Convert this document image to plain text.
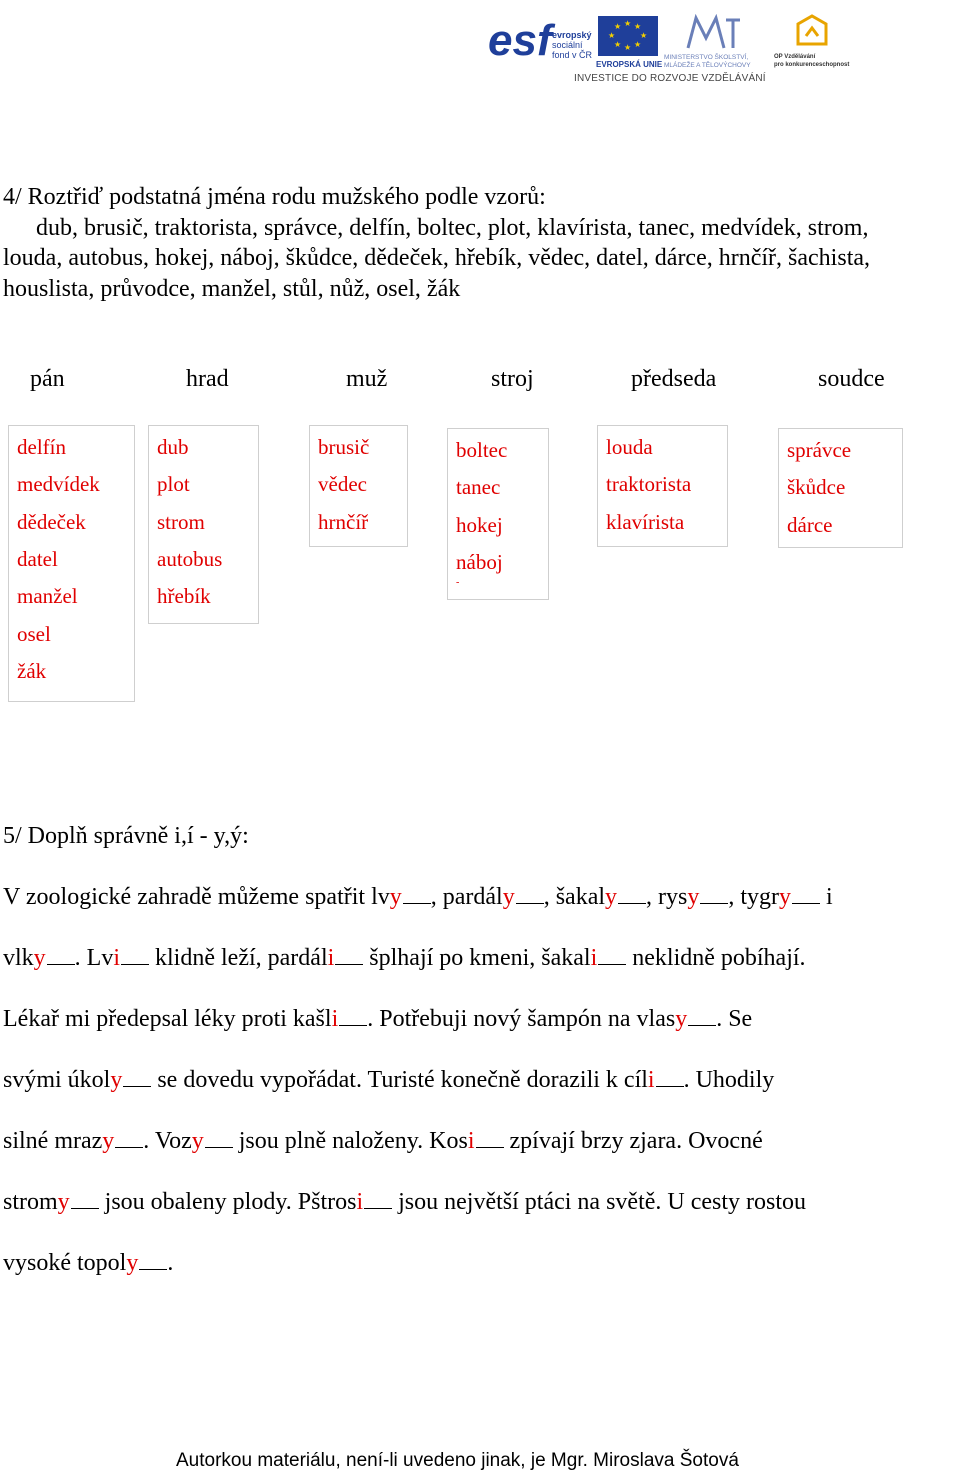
esf evropský
sociální
fond v ČR
★ ★
★
★
★
★
★
★
EVROPSKÁ UNIE
MINISTERSTVO ŠKOLSTVÍ,
MLÁDEŽE A TĚLOVÝCHOVY
OP Vzdělávání
pro konkurenceschopnost
INVESTICE DO ROZVOJE VZDĚLÁVÁNÍ
4/ Roztřiď podstatná jména rodu mužského podle vzorů:
dub, brusič, traktorista, správce, delfín, boltec, plot, klavírista, tanec, medvídek, strom,
louda, autobus, hokej, náboj, škůdce, dědeček, hřebík, vědec, datel, dárce, hrnčíř, šachista,
houslista, průvodce, manžel, stůl, nůž, osel, žák
pán	hrad	muž	stroj	předseda	soudce
delfín
medvídek
dědeček
datel
manžel
osel
žák
dub
plot
strom
autobus
hřebík
brusič
vědec
hrnčíř
boltec
tanec
hokej
náboj
-
louda
traktorista
klavírista
správce
škůdce
dárce
5/ Doplň správně i,í - y,ý:
V zoologické zahradě můžeme spatřit lvy , pardály , šakaly , rysy , tygry i
vlky . Lvi klidně leží, pardáli šplhají po kmeni, šakali neklidně pobíhají.
Lékař mi předepsal léky proti kašli . Potřebuji nový šampón na vlasy . Se
svými úkoly se dovedu vypořádat. Turisté konečně dorazili k cíli . Uhodily
silné mrazy . Vozy jsou plně naloženy. Kosi zpívají brzy zjara. Ovocné
stromy jsou obaleny plody. Pštrosi jsou největší ptáci na světě. U cesty rostou
vysoké topoly .
Autorkou materiálu, není-li uvedeno jinak, je Mgr. Miroslava Šotová
